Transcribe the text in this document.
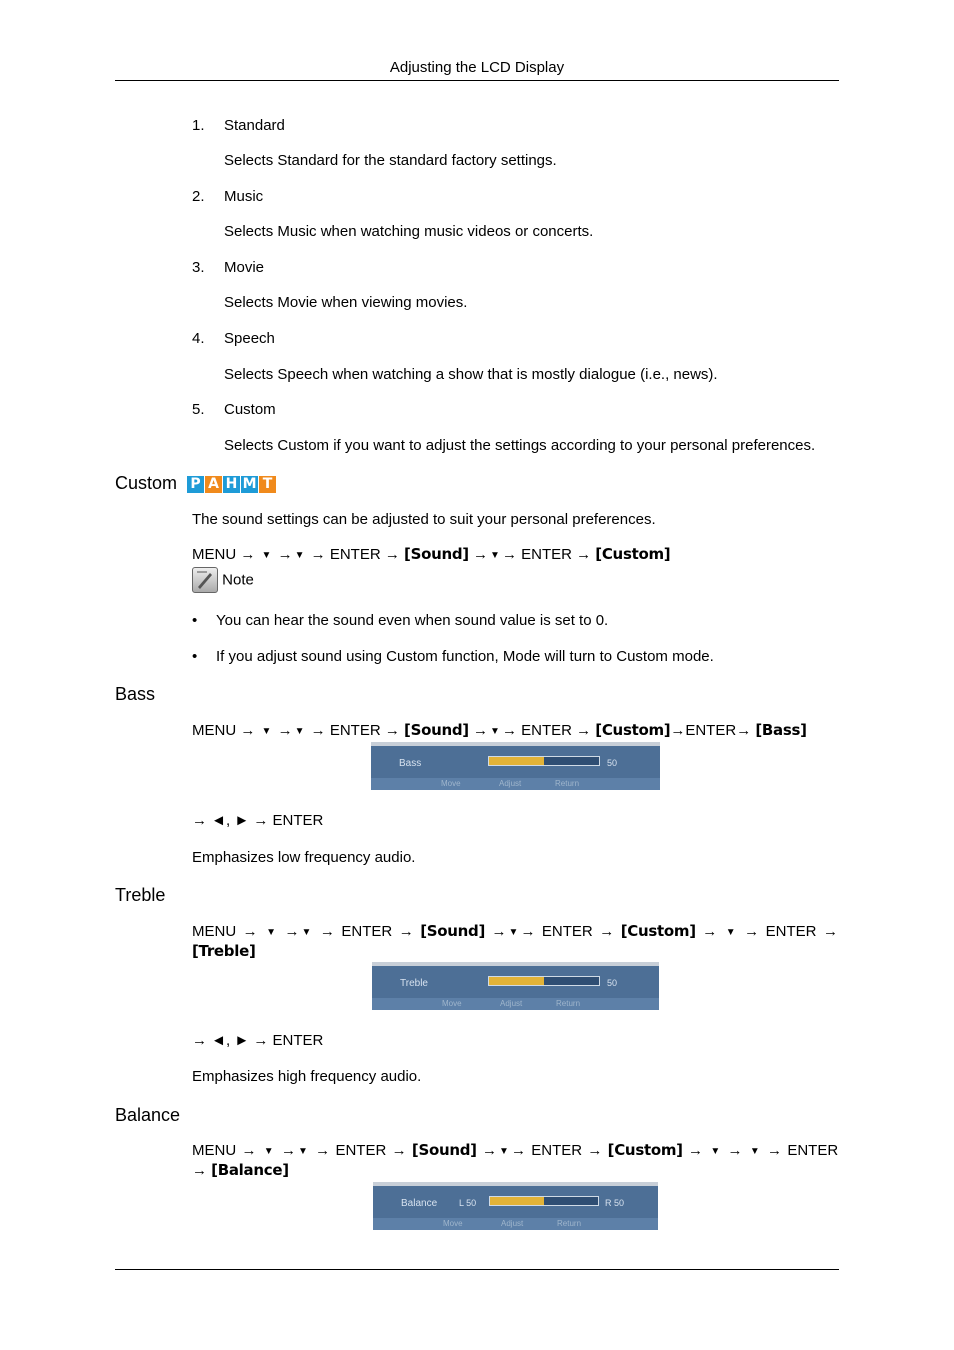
Adjusting the LCD Display
1. Standard
Selects Standard for the standard factory settings.
2. Music
Selects Music when watching music videos or concerts.
3. Movie
Selects Movie when viewing movies.
4. Speech
Selects Speech when watching a show that is mostly dialogue (i.e., news).
5. Custom
Selects Custom if you want to adjust the settings according to your personal preferences.
Custom P A H M T
The sound settings can be adjusted to suit your personal preferences.
MENU → ▼ → ▼ → ENTER → [Sound] → ▼ → ENTER → [Custom]
Note
• You can hear the sound even when sound value is set to 0.
• If you adjust sound using Custom function, Mode will turn to Custom mode.
Bass
MENU → ▼ → ▼ → ENTER → [Sound] → ▼ → ENTER → [Custom]→ENTER→ [Bass]
Bass	50
Move	Adjust	Return
→ ◄, ► → ENTER
Emphasizes low frequency audio.
Treble
MENU → ▼ → ▼ → ENTER → [Sound] → ▼ → ENTER → [Custom] → ▼ → ENTER → [Treble]
Treble	50
Move	Adjust	Return
→ ◄, ► → ENTER
Emphasizes high frequency audio.
Balance
MENU → ▼ → ▼ → ENTER → [Sound] → ▼ → ENTER → [Custom] → ▼ → ▼ → ENTER → [Balance]
Balance L 50	R 50
Move	Adjust	Return
